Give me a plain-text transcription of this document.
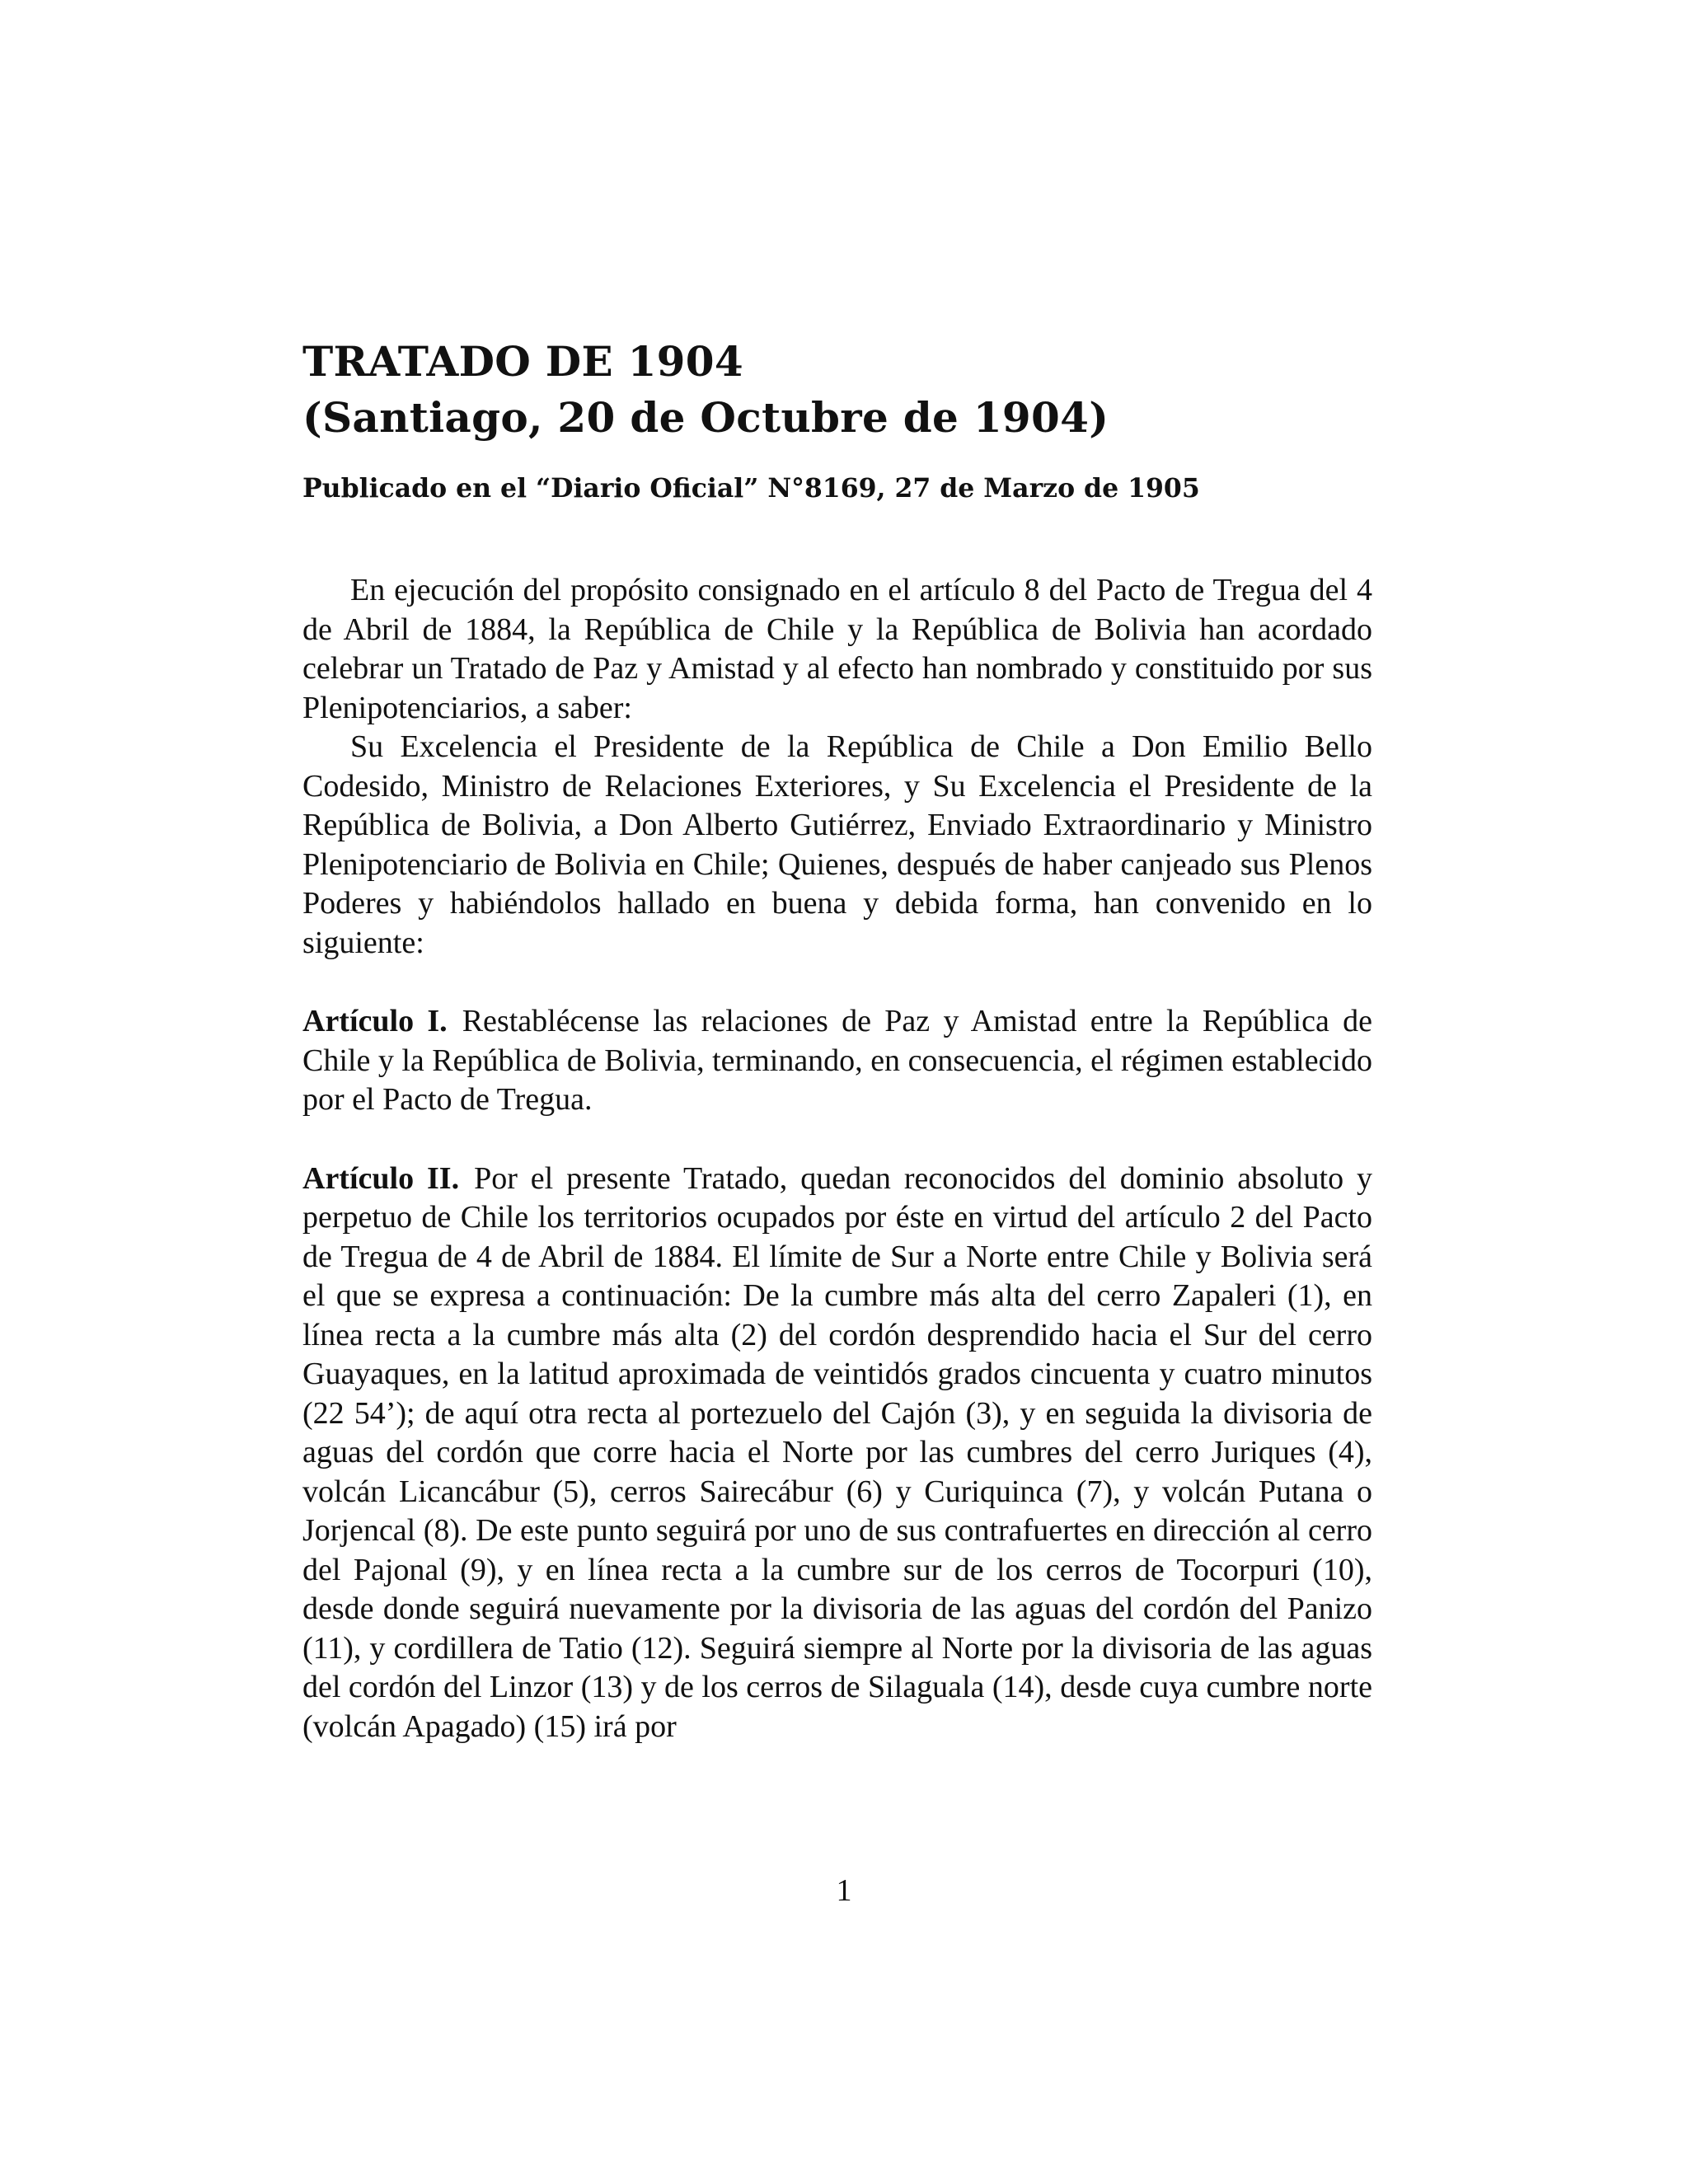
TRATADO DE 1904
(Santiago, 20 de Octubre de 1904)

Publicado en el “Diario Oficial” N°8169, 27 de Marzo de 1905

En ejecución del propósito consignado en el artículo 8 del Pacto de Tregua del 4 de Abril de 1884, la República de Chile y la República de Bolivia han acordado celebrar un Tratado de Paz y Amistad y al efecto han nombrado y constituido por sus Plenipotenciarios, a saber:

Su Excelencia el Presidente de la República de Chile a Don Emilio Bello Codesido, Ministro de Relaciones Exteriores, y Su Excelencia el Presidente de la República de Bolivia, a Don Alberto Gutiérrez, Enviado Extraordinario y Ministro Plenipotenciario de Bolivia en Chile; Quienes, después de haber canjeado sus Plenos Poderes y habiéndolos hallado en buena y debida forma, han convenido en lo siguiente:

Artículo I. Restablécense las relaciones de Paz y Amistad entre la República de Chile y la República de Bolivia, terminando, en consecuencia, el régimen establecido por el Pacto de Tregua.

Artículo II. Por el presente Tratado, quedan reconocidos del dominio absoluto y perpetuo de Chile los territorios ocupados por éste en virtud del artículo 2 del Pacto de Tregua de 4 de Abril de 1884. El límite de Sur a Norte entre Chile y Bolivia será el que se expresa a continuación: De la cumbre más alta del cerro Zapaleri (1), en línea recta a la cumbre más alta (2) del cordón desprendido hacia el Sur del cerro Guayaques, en la latitud aproximada de veintidós grados cincuenta y cuatro minutos (22 54’); de aquí otra recta al portezuelo del Cajón (3), y en seguida la divisoria de aguas del cordón que corre hacia el Norte por las cumbres del cerro Juriques (4), volcán Licancábur (5), cerros Sairecábur (6) y Curiquinca (7), y volcán Putana o Jorjencal (8). De este punto seguirá por uno de sus contrafuertes en dirección al cerro del Pajonal (9), y en línea recta a la cumbre sur de los cerros de Tocorpuri (10), desde donde seguirá nuevamente por la divisoria de las aguas del cordón del Panizo (11), y cordillera de Tatio (12). Seguirá siempre al Norte por la divisoria de las aguas del cordón del Linzor (13) y de los cerros de Silaguala (14), desde cuya cumbre norte (volcán Apagado) (15) irá por

1
